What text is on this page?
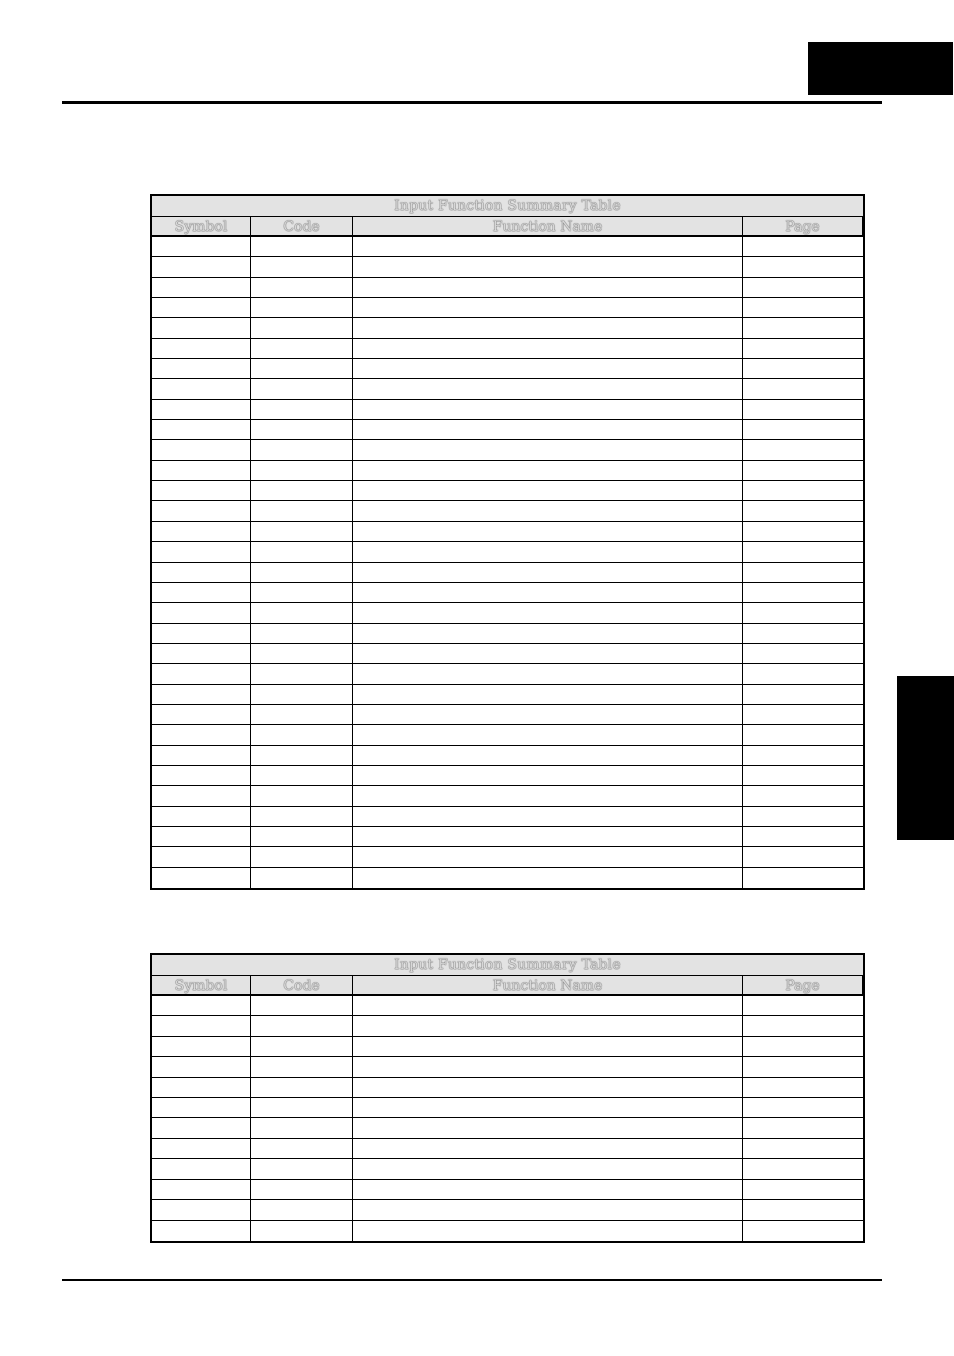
Input Function Summary Table
Symbol	Code	Function Name	Page
Input Function Summary Table
Symbol	Code	Function Name	Page
